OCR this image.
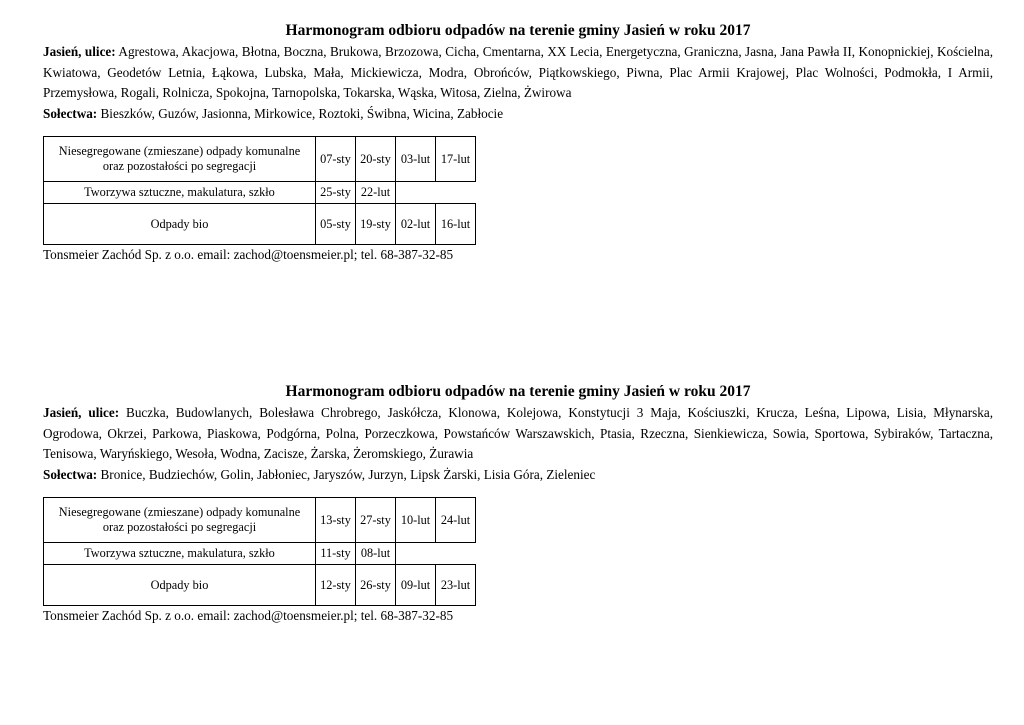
Harmonogram odbioru odpadów na terenie gminy Jasień w roku 2017

Jasień, ulice: Agrestowa, Akacjowa, Błotna, Boczna, Brukowa, Brzozowa, Cicha, Cmentarna, XX Lecia, Energetyczna, Graniczna, Jasna, Jana Pawła II, Konopnickiej, Kościelna, Kwiatowa, Geodetów Letnia, Łąkowa, Lubska, Mała, Mickiewicza, Modra, Obrońców, Piątkowskiego, Piwna, Plac Armii Krajowej, Plac Wolności, Podmokła, I Armii, Przemysłowa, Rogali, Rolnicza, Spokojna, Tarnopolska, Tokarska, Wąska, Witosa, Zielna, Żwirowa

Sołectwa: Bieszków, Guzów, Jasionna, Mirkowice, Roztoki, Świbna, Wicina, Zabłocie

Niesegregowane (zmieszane) odpady komunalne
oraz pozostałości po segregacji	07-sty	20-sty	03-lut	17-lut
Tworzywa sztuczne, makulatura, szkło	25-sty	22-lut		
Odpady bio	05-sty	19-sty	02-lut	16-lut
Tonsmeier Zachód Sp. z o.o. email: zachod@toensmeier.pl; tel. 68-387-32-85
Harmonogram odbioru odpadów na terenie gminy Jasień w roku 2017

Jasień, ulice: Buczka, Budowlanych, Bolesława Chrobrego, Jaskółcza, Klonowa, Kolejowa, Konstytucji 3 Maja, Kościuszki, Krucza, Leśna, Lipowa, Lisia, Młynarska, Ogrodowa, Okrzei, Parkowa, Piaskowa, Podgórna, Polna, Porzeczkowa, Powstańców Warszawskich, Ptasia, Rzeczna, Sienkiewicza, Sowia, Sportowa, Sybiraków, Tartaczna, Tenisowa, Waryńskiego, Wesoła, Wodna, Zacisze, Żarska, Żeromskiego, Żurawia

Sołectwa: Bronice, Budziechów, Golin, Jabłoniec, Jaryszów, Jurzyn, Lipsk Żarski, Lisia Góra, Zieleniec

Niesegregowane (zmieszane) odpady komunalne
oraz pozostałości po segregacji	13-sty	27-sty	10-lut	24-lut
Tworzywa sztuczne, makulatura, szkło	11-sty	08-lut		
Odpady bio	12-sty	26-sty	09-lut	23-lut
Tonsmeier Zachód Sp. z o.o. email: zachod@toensmeier.pl; tel. 68-387-32-85
